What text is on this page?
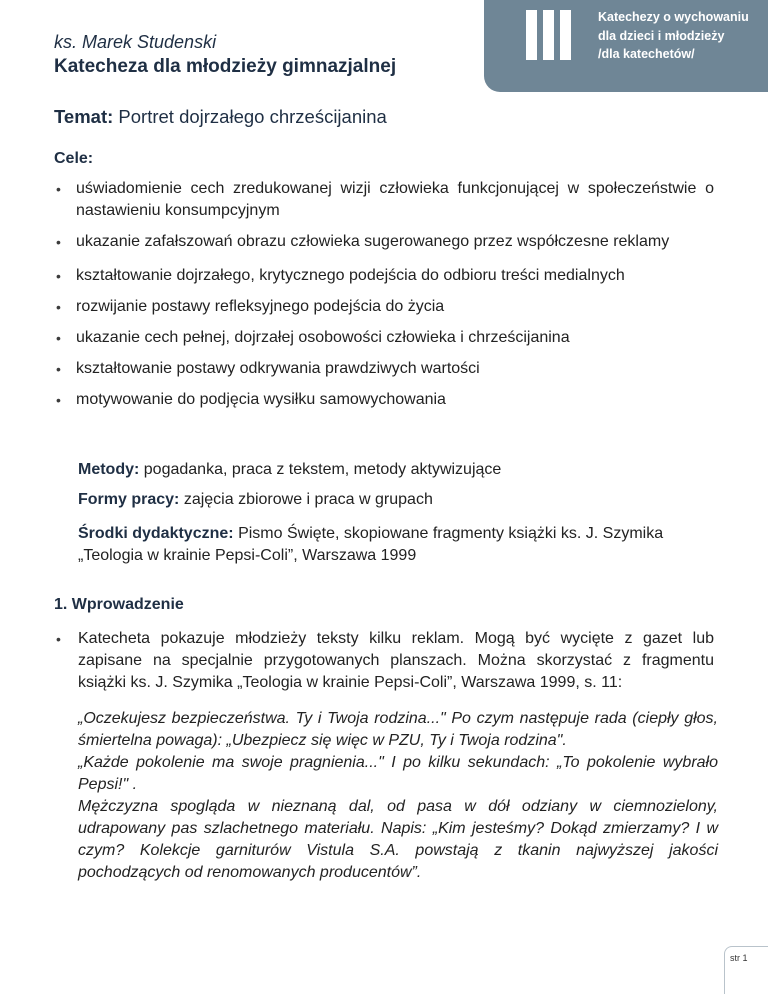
Katechezy o wychowaniu
dla dzieci i młodzieży
/dla katechetów/
ks. Marek Studenski
Katecheza dla młodzieży gimnazjalnej
Temat: Portret dojrzałego chrześcijanina
Cele:
• uświadomienie cech zredukowanej wizji człowieka funkcjonującej w społeczeństwie o nastawieniu konsumpcyjnym
• ukazanie zafałszowań obrazu człowieka sugerowanego przez współczesne reklamy
• kształtowanie dojrzałego, krytycznego podejścia do odbioru treści medialnych
• rozwijanie postawy refleksyjnego podejścia do życia
• ukazanie cech pełnej, dojrzałej osobowości człowieka i chrześcijanina
• kształtowanie postawy odkrywania prawdziwych wartości
• motywowanie do podjęcia wysiłku samowychowania
Metody: pogadanka, praca z tekstem, metody aktywizujące
Formy pracy: zajęcia zbiorowe i praca w grupach
Środki dydaktyczne: Pismo Święte, skopiowane fragmenty książki ks. J. Szymika „Teologia w krainie Pepsi-Coli”, Warszawa 1999
1. Wprowadzenie
• Katecheta pokazuje młodzieży teksty kilku reklam. Mogą być wycięte z gazet lub zapisane na specjalnie przygotowanych planszach. Można skorzystać z fragmentu książki ks. J. Szymika „Teologia w krainie Pepsi-Coli”, Warszawa 1999, s. 11:

„Oczekujesz bezpieczeństwa. Ty i Twoja rodzina..." Po czym następuje rada (ciepły głos, śmiertelna powaga): „Ubezpiecz się więc w PZU, Ty i Twoja rodzina".

„Każde pokolenie ma swoje pragnienia..." I po kilku sekundach: „To pokolenie wybrało Pepsi!" .

Mężczyzna spogląda w nieznaną dal, od pasa w dół odziany w ciemnozielony, udrapowany pas szlachetnego materiału. Napis: „Kim jesteśmy? Dokąd zmierzamy? I w czym? Kolekcje garniturów Vistula S.A. powstają z tkanin najwyższej jakości pochodzących od renomowanych producentów”.

str 1
